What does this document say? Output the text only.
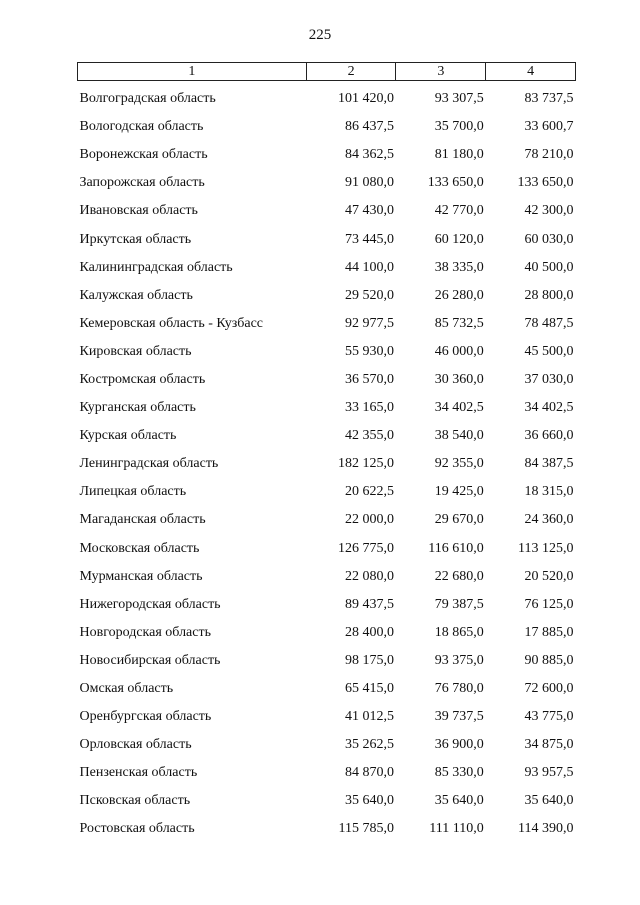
225
1	2	3	4
Волгоградская область	101 420,0	93 307,5	83 737,5
Вологодская область	86 437,5	35 700,0	33 600,7
Воронежская область	84 362,5	81 180,0	78 210,0
Запорожская область	91 080,0	133 650,0	133 650,0
Ивановская область	47 430,0	42 770,0	42 300,0
Иркутская область	73 445,0	60 120,0	60 030,0
Калининградская область	44 100,0	38 335,0	40 500,0
Калужская область	29 520,0	26 280,0	28 800,0
Кемеровская область - Кузбасс	92 977,5	85 732,5	78 487,5
Кировская область	55 930,0	46 000,0	45 500,0
Костромская область	36 570,0	30 360,0	37 030,0
Курганская область	33 165,0	34 402,5	34 402,5
Курская область	42 355,0	38 540,0	36 660,0
Ленинградская область	182 125,0	92 355,0	84 387,5
Липецкая область	20 622,5	19 425,0	18 315,0
Магаданская область	22 000,0	29 670,0	24 360,0
Московская область	126 775,0	116 610,0	113 125,0
Мурманская область	22 080,0	22 680,0	20 520,0
Нижегородская область	89 437,5	79 387,5	76 125,0
Новгородская область	28 400,0	18 865,0	17 885,0
Новосибирская область	98 175,0	93 375,0	90 885,0
Омская область	65 415,0	76 780,0	72 600,0
Оренбургская область	41 012,5	39 737,5	43 775,0
Орловская область	35 262,5	36 900,0	34 875,0
Пензенская область	84 870,0	85 330,0	93 957,5
Псковская область	35 640,0	35 640,0	35 640,0
Ростовская область	115 785,0	111 110,0	114 390,0
